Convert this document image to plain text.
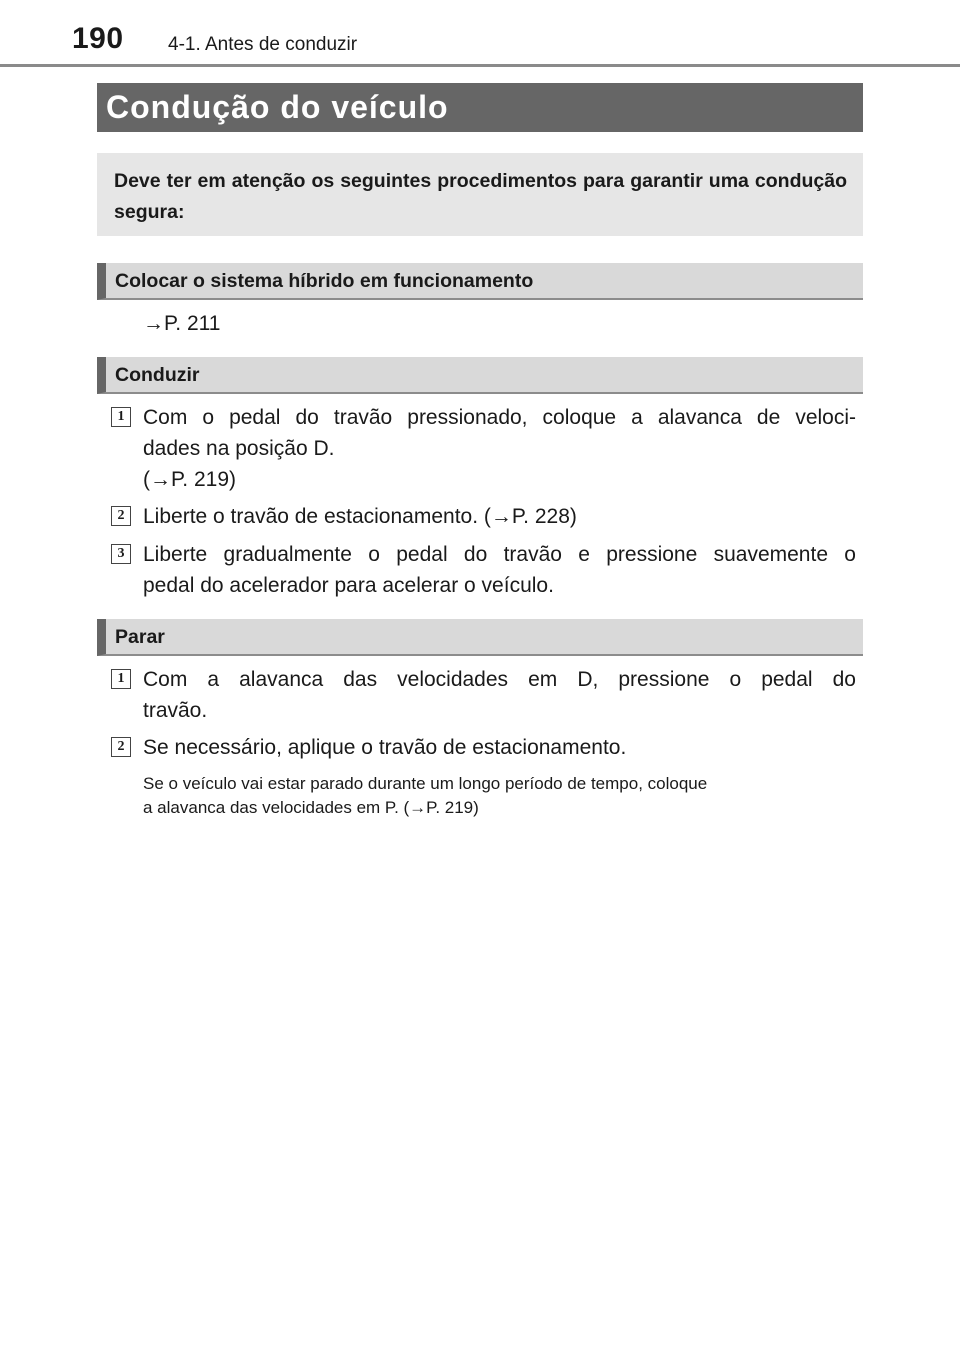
190 4-1. Antes de conduzir
Condução do veículo
Deve ter em atenção os seguintes procedimentos para garantir uma condução segura:
Colocar o sistema híbrido em funcionamento
→P. 211
Conduzir
1 Com o pedal do travão pressionado, coloque a alavanca de veloci-
dades na posição D.
(→P. 219)
2 Liberte o travão de estacionamento. (→P. 228)
3 Liberte gradualmente o pedal do travão e pressione suavemente o
pedal do acelerador para acelerar o veículo.
Parar
1 Com a alavanca das velocidades em D, pressione o pedal do
travão.
2 Se necessário, aplique o travão de estacionamento.
Se o veículo vai estar parado durante um longo período de tempo, coloque
a alavanca das velocidades em P. (→P. 219)
